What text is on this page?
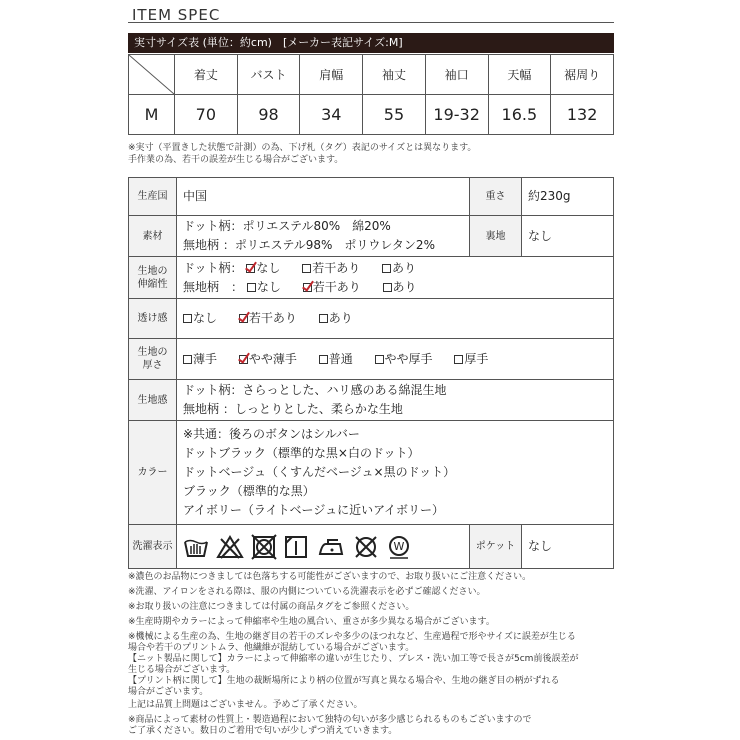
ITEM SPEC
実寸サイズ表 (単位：約cm)　[メーカー表記サイズ:M]
	着丈	バスト	肩幅	袖丈	袖口	天幅	裾周り
M	70	98	34	55	19-32	16.5	132
※実寸（平置きした状態で計測）の為、下げ札（タグ）表記のサイズとは異なります。
手作業の為、若干の誤差が生じる場合がございます。
生産国	中国	重さ	約230g
素材	ドット柄：ポリエステル80%　綿20%
無地柄 ：ポリエステル98%　ポリウレタン2%	裏地	なし
生地の伸縮性	ドット柄： なし 若干あり あり
無地柄　： なし 若干あり あり		

透け感	なし 若干あり あり		
生地の厚さ	薄手 やや薄手 普通 やや厚手 厚手		
生地感	ドット柄：さらっとした、ハリ感のある綿混生地
無地柄 ：しっとりとした、柔らかな生地		

カラー	※共通：後ろのボタンはシルバー
ドットブラック（標準的な黒×白のドット）
ドットベージュ（くすんだベージュ×黒のドット）
ブラック（標準的な黒）
アイボリー（ライトベージュに近いアイボリー）		

洗濯表示	W	ポケット	なし

※濃色のお品物につきましては色落ちする可能性がございますので、お取り扱いにご注意ください。

※洗濯、アイロンをされる際は、服の内側についている洗濯表示を必ずご確認ください。

※お取り扱いの注意につきましては付属の商品タグをご参照ください。

※生産時期やカラーによって伸縮率や生地の風合い、重さが多少異なる場合がございます。

※機械による生産の為、生地の継ぎ目の若干のズレや多少のほつれなど、生産過程で形やサイズに誤差が生じる

場合や若干のプリントムラ、他繊維が混紡している場合がございます。

【ニット製品に関して】カラーによって伸縮率の違いが生じたり、プレス・洗い加工等で長さが5cm前後誤差が

生じる場合がございます。

【プリント柄に関して】生地の裁断場所により柄の位置が写真と異なる場合や、生地の継ぎ目の柄がずれる

場合がございます。

上記は品質上問題はございません。予めご了承ください。

※商品によって素材の性質上・製造過程において独特の匂いが多少感じられるものもございますので

ご了承ください。数日のご着用で匂いが少しずつ消えていきます。
